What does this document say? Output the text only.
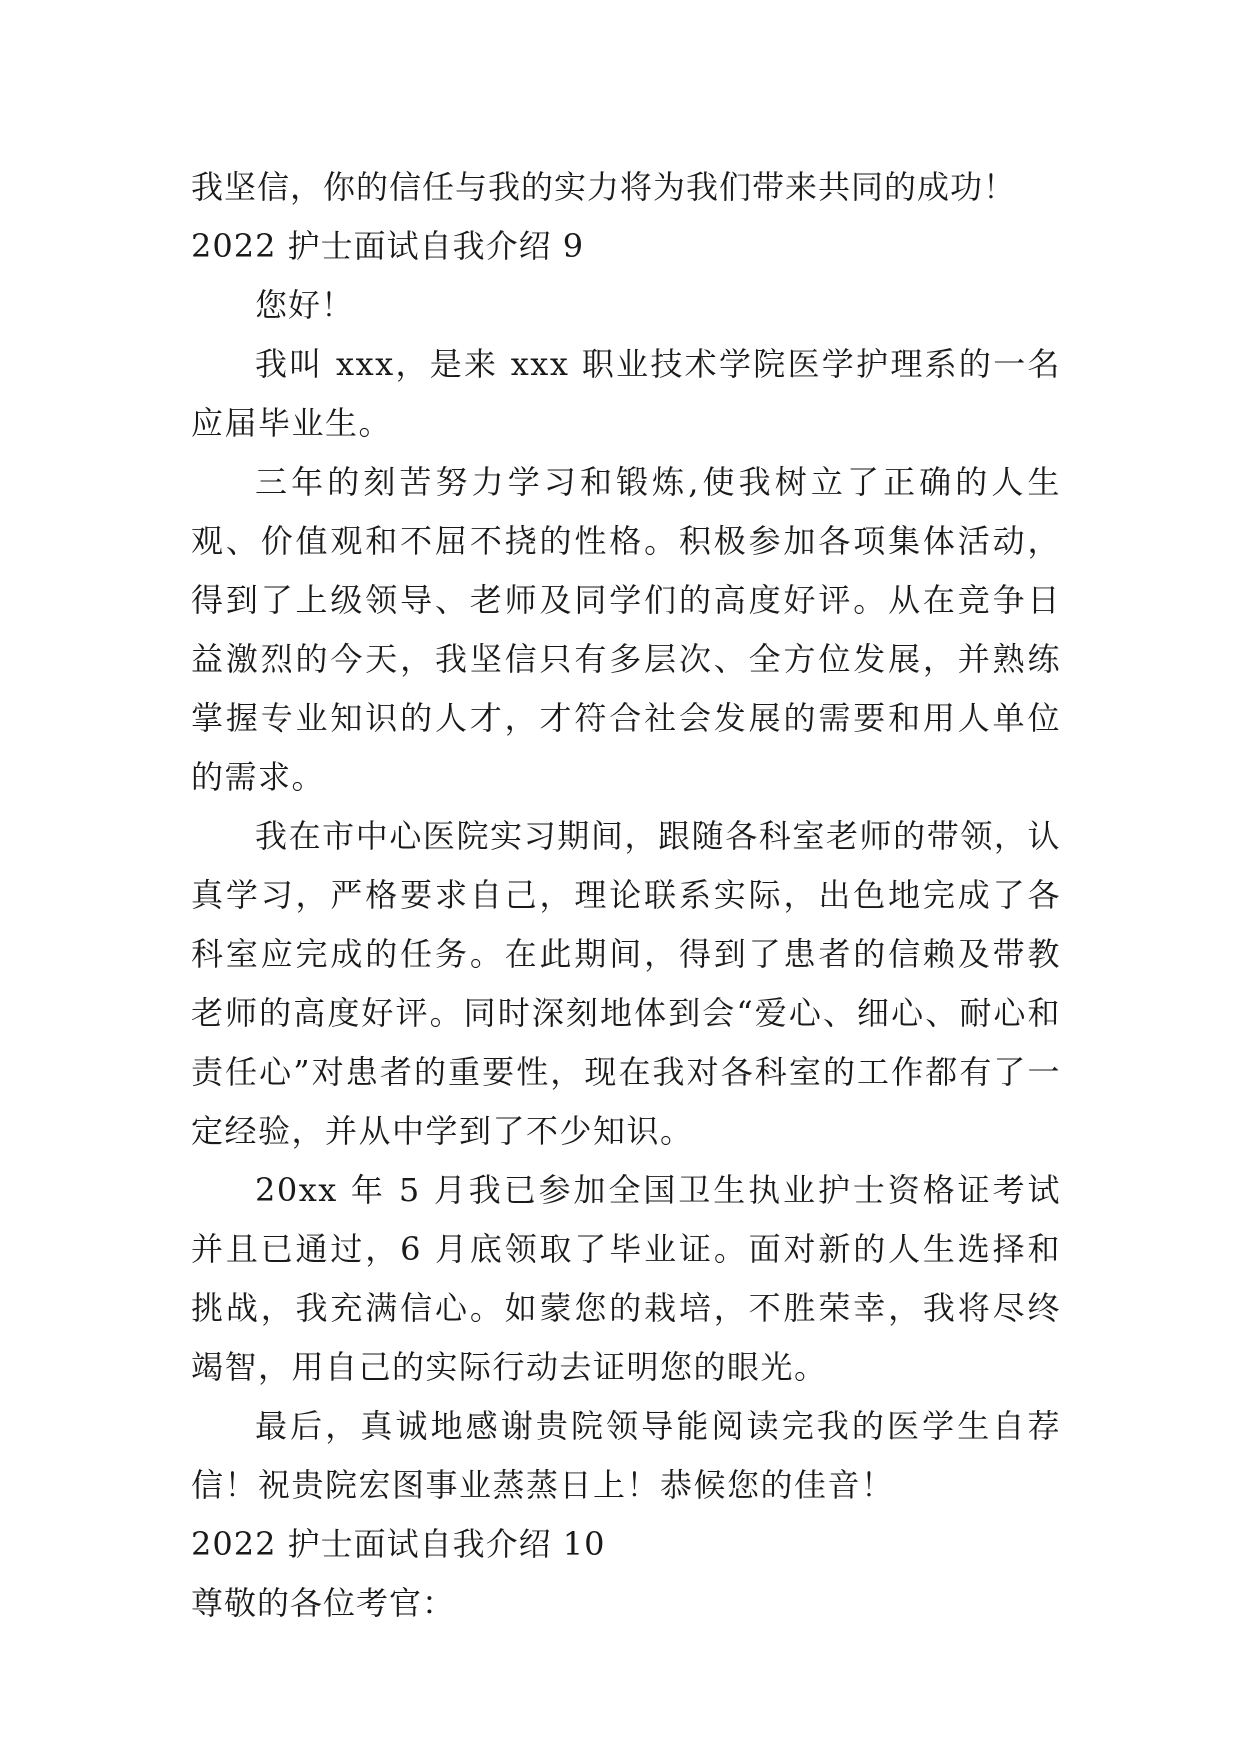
我坚信，你的信任与我的实力将为我们带来共同的成功！

2022 护士面试自我介绍 9

您好！

我叫 xxx，是来 xxx 职业技术学院医学护理系的一名应届毕业生。

三年的刻苦努力学习和锻炼,使我树立了正确的人生观、价值观和不屈不挠的性格。积极参加各项集体活动，得到了上级领导、老师及同学们的高度好评。从在竞争日益激烈的今天，我坚信只有多层次、全方位发展，并熟练掌握专业知识的人才，才符合社会发展的需要和用人单位的需求。

我在市中心医院实习期间，跟随各科室老师的带领，认真学习，严格要求自己，理论联系实际，出色地完成了各科室应完成的任务。在此期间，得到了患者的信赖及带教老师的高度好评。同时深刻地体到会“爱心、细心、耐心和责任心”对患者的重要性，现在我对各科室的工作都有了一定经验，并从中学到了不少知识。

20xx 年 5 月我已参加全国卫生执业护士资格证考试并且已通过，6 月底领取了毕业证。面对新的人生选择和挑战，我充满信心。如蒙您的栽培，不胜荣幸，我将尽终竭智，用自己的实际行动去证明您的眼光。

最后，真诚地感谢贵院领导能阅读完我的医学生自荐信！祝贵院宏图事业蒸蒸日上！恭候您的佳音！

2022 护士面试自我介绍 10

尊敬的各位考官：
